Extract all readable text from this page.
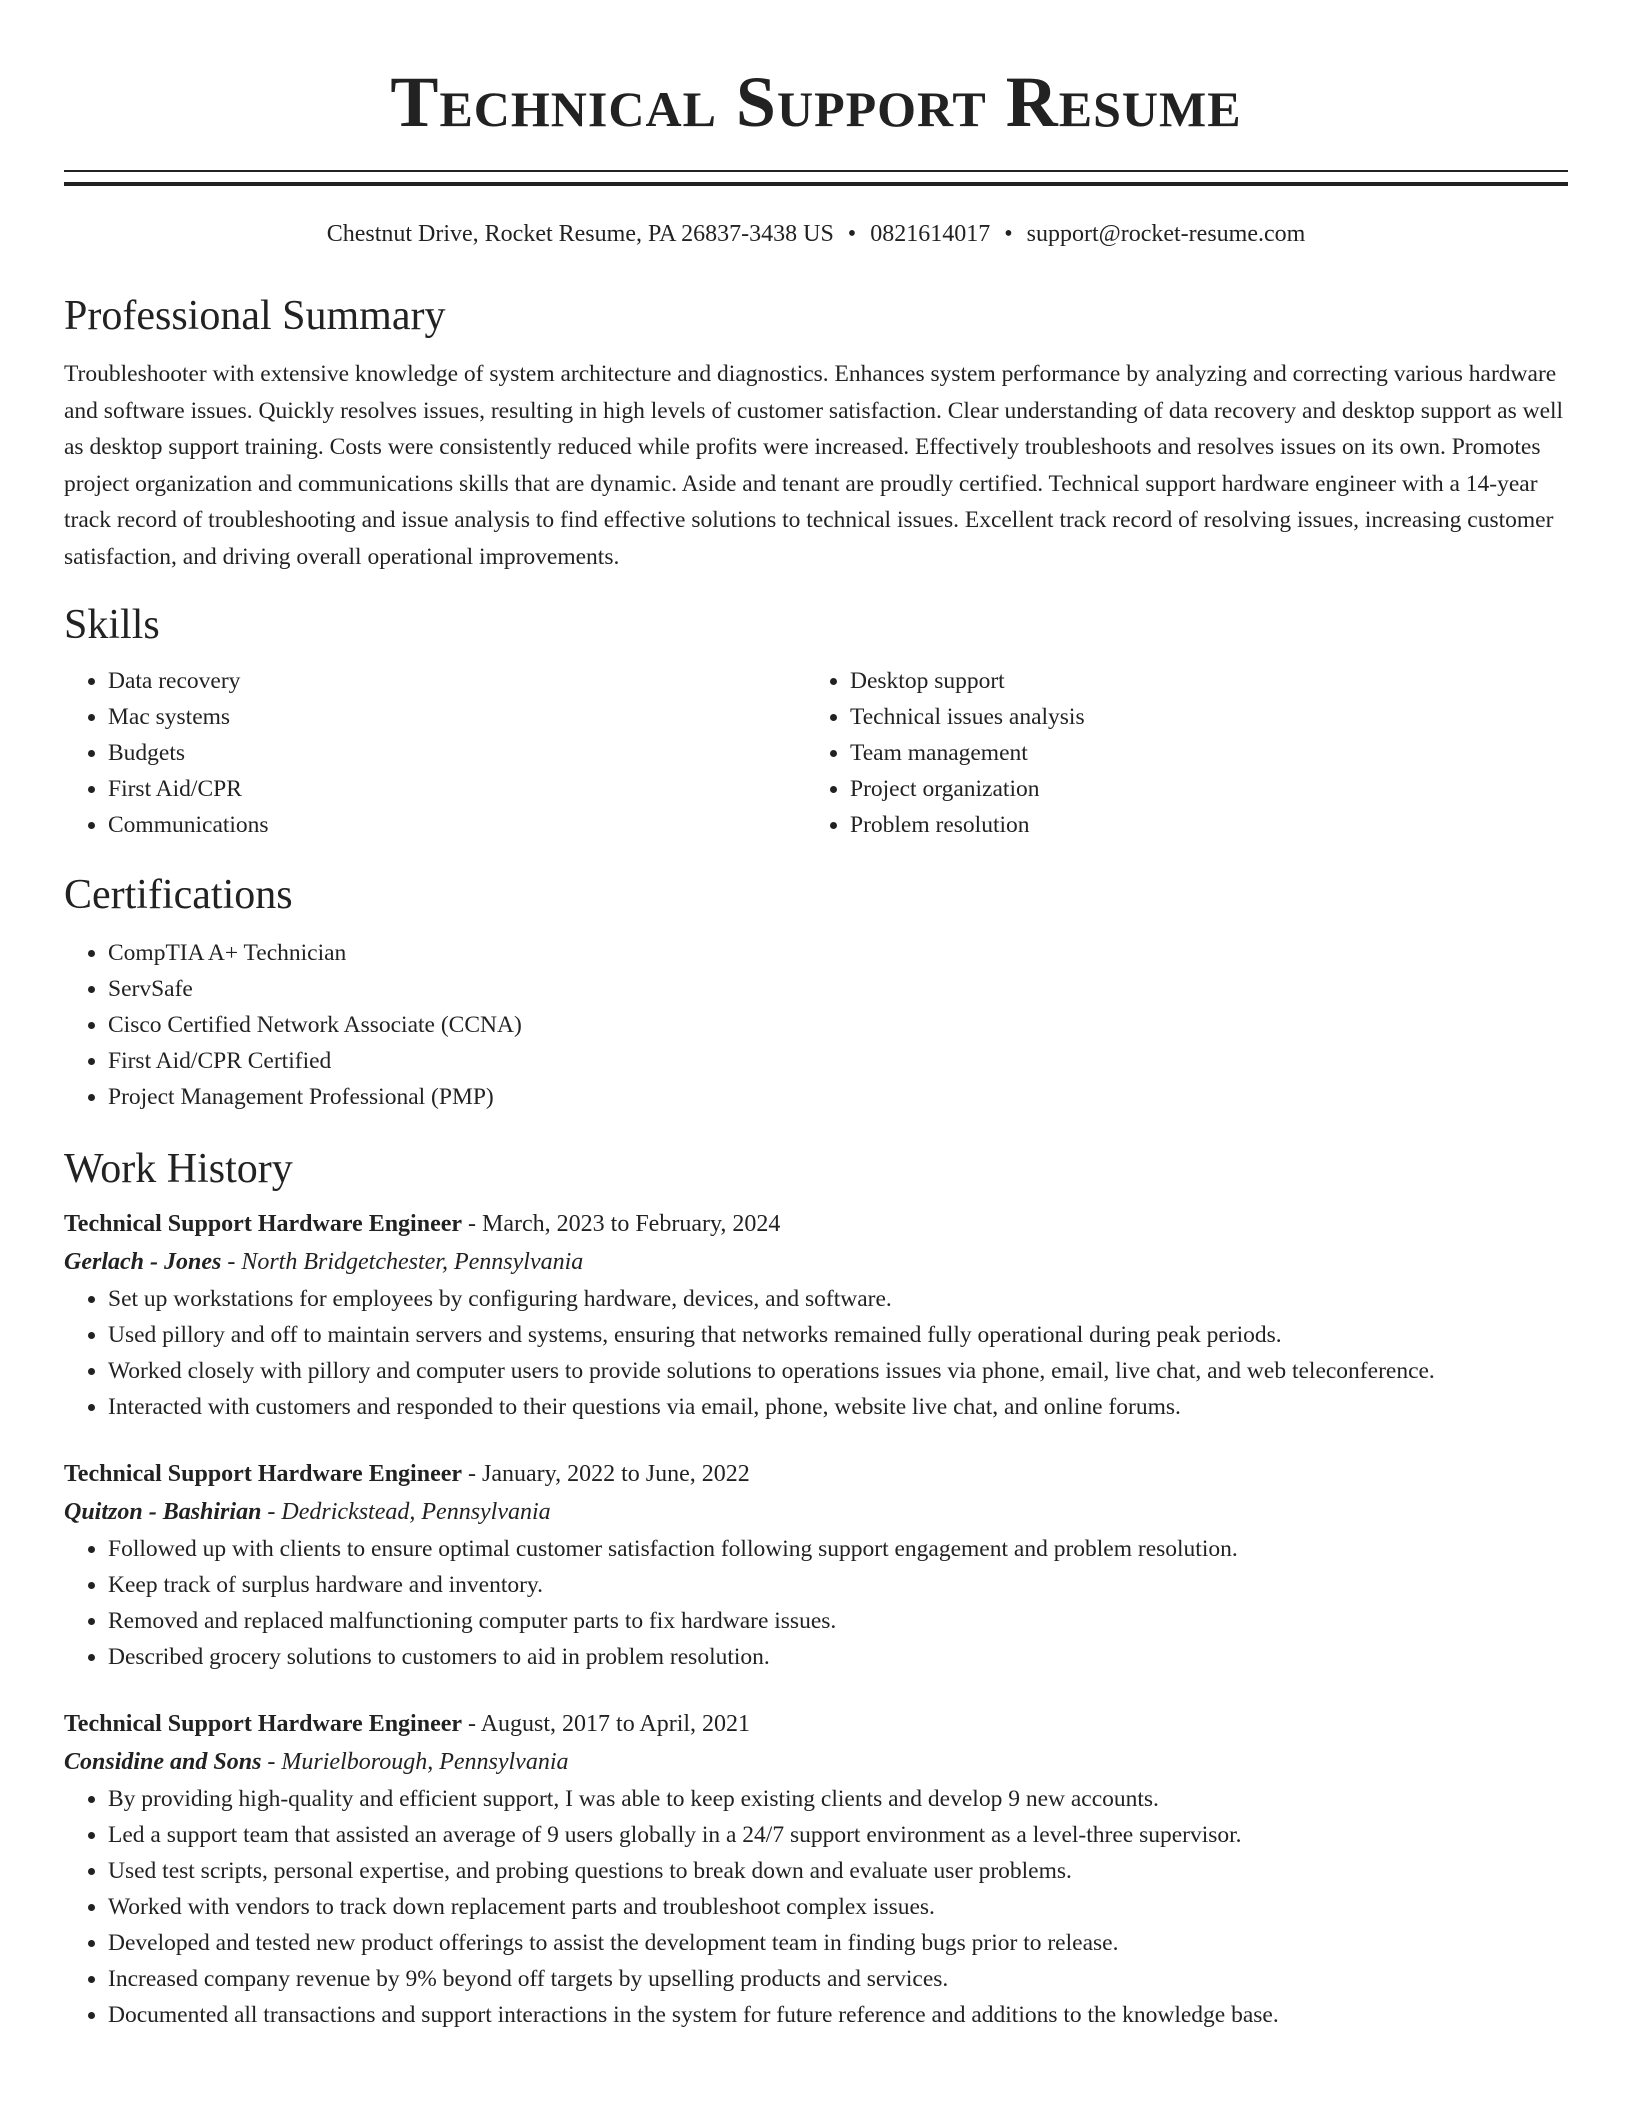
Technical Support Resume
Chestnut Drive, Rocket Resume, PA 26837-3438 US • 0821614017 • support@rocket-resume.com
Professional Summary

Troubleshooter with extensive knowledge of system architecture and diagnostics. Enhances system performance by analyzing and correcting various hardware and software issues. Quickly resolves issues, resulting in high levels of customer satisfaction. Clear understanding of data recovery and desktop support as well as desktop support training. Costs were consistently reduced while profits were increased. Effectively troubleshoots and resolves issues on its own. Promotes project organization and communications skills that are dynamic. Aside and tenant are proudly certified. Technical support hardware engineer with a 14-year track record of troubleshooting and issue analysis to find effective solutions to technical issues. Excellent track record of resolving issues, increasing customer satisfaction, and driving overall operational improvements.

Skills
• Data recovery
• Mac systems
• Budgets
• First Aid/CPR
• Communications
• Desktop support
• Technical issues analysis
• Team management
• Project organization
• Problem resolution
Certifications
• CompTIA A+ Technician
• ServSafe
• Cisco Certified Network Associate (CCNA)
• First Aid/CPR Certified
• Project Management Professional (PMP)
Work History
Technical Support Hardware Engineer - March, 2023 to February, 2024
Gerlach - Jones - North Bridgetchester, Pennsylvania
• Set up workstations for employees by configuring hardware, devices, and software.
• Used pillory and off to maintain servers and systems, ensuring that networks remained fully operational during peak periods.
• Worked closely with pillory and computer users to provide solutions to operations issues via phone, email, live chat, and web teleconference.
• Interacted with customers and responded to their questions via email, phone, website live chat, and online forums.
Technical Support Hardware Engineer - January, 2022 to June, 2022
Quitzon - Bashirian - Dedrickstead, Pennsylvania
• Followed up with clients to ensure optimal customer satisfaction following support engagement and problem resolution.
• Keep track of surplus hardware and inventory.
• Removed and replaced malfunctioning computer parts to fix hardware issues.
• Described grocery solutions to customers to aid in problem resolution.
Technical Support Hardware Engineer - August, 2017 to April, 2021
Considine and Sons - Murielborough, Pennsylvania
• By providing high-quality and efficient support, I was able to keep existing clients and develop 9 new accounts.
• Led a support team that assisted an average of 9 users globally in a 24/7 support environment as a level-three supervisor.
• Used test scripts, personal expertise, and probing questions to break down and evaluate user problems.
• Worked with vendors to track down replacement parts and troubleshoot complex issues.
• Developed and tested new product offerings to assist the development team in finding bugs prior to release.
• Increased company revenue by 9% beyond off targets by upselling products and services.
• Documented all transactions and support interactions in the system for future reference and additions to the knowledge base.
